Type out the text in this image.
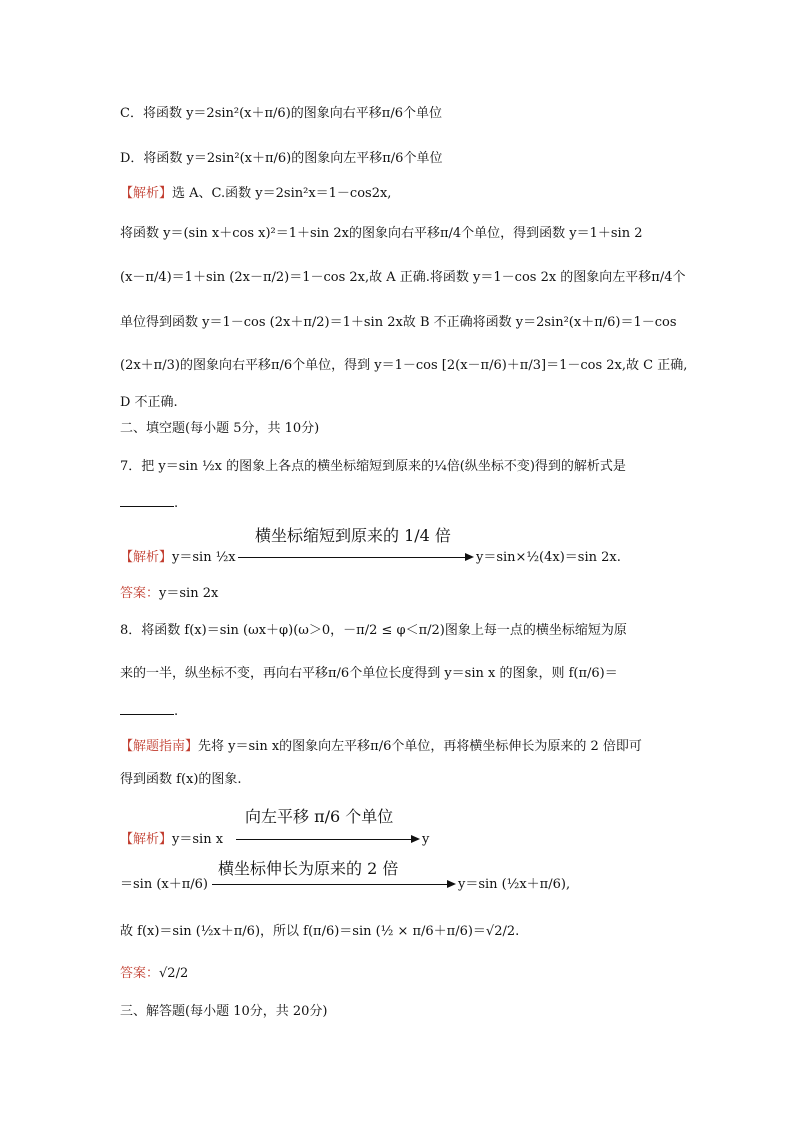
C．将函数 y＝2sin²(x＋π/6)的图象向右平移π/6个单位
D．将函数 y＝2sin²(x＋π/6)的图象向左平移π/6个单位
【解析】选 A、C.函数 y＝2sin²x＝1－cos2x,
将函数 y＝(sin x＋cos x)²＝1＋sin 2x的图象向右平移π/4个单位，得到函数 y＝1＋sin 2
(x－π/4)＝1＋sin (2x－π/2)＝1－cos 2x,故 A 正确.将函数 y＝1－cos 2x 的图象向左平移π/4个
单位得到函数 y＝1－cos (2x＋π/2)＝1＋sin 2x故 B 不正确将函数 y＝2sin²(x＋π/6)＝1－cos
(2x＋π/3)的图象向右平移π/6个单位，得到 y＝1－cos [2(x－π/6)＋π/3]＝1－cos 2x,故 C 正确,
D 不正确.
二、填空题(每小题 5分，共 10分)
7．把 y＝sin ½x 的图象上各点的横坐标缩短到原来的¼倍(纵坐标不变)得到的解析式是
.
横坐标缩短到原来的 1/4 倍
【解析】y＝sin ½x	y＝sin×½(4x)＝sin 2x.
答案：y＝sin 2x
8．将函数 f(x)＝sin (ωx＋φ)(ω＞0，－π/2 ≤ φ＜π/2)图象上每一点的横坐标缩短为原
来的一半，纵坐标不变，再向右平移π/6个单位长度得到 y＝sin x 的图象，则 f(π/6)＝
.
【解题指南】先将 y＝sin x的图象向左平移π/6个单位，再将横坐标伸长为原来的 2 倍即可
得到函数 f(x)的图象.
向左平移 π/6 个单位
【解析】y＝sin x	y
横坐标伸长为原来的 2 倍
＝sin (x＋π/6)	y＝sin (½x＋π/6),
故 f(x)＝sin (½x＋π/6)，所以 f(π/6)＝sin (½ × π/6＋π/6)＝√2/2.
答案：√2/2
三、解答题(每小题 10分，共 20分)
